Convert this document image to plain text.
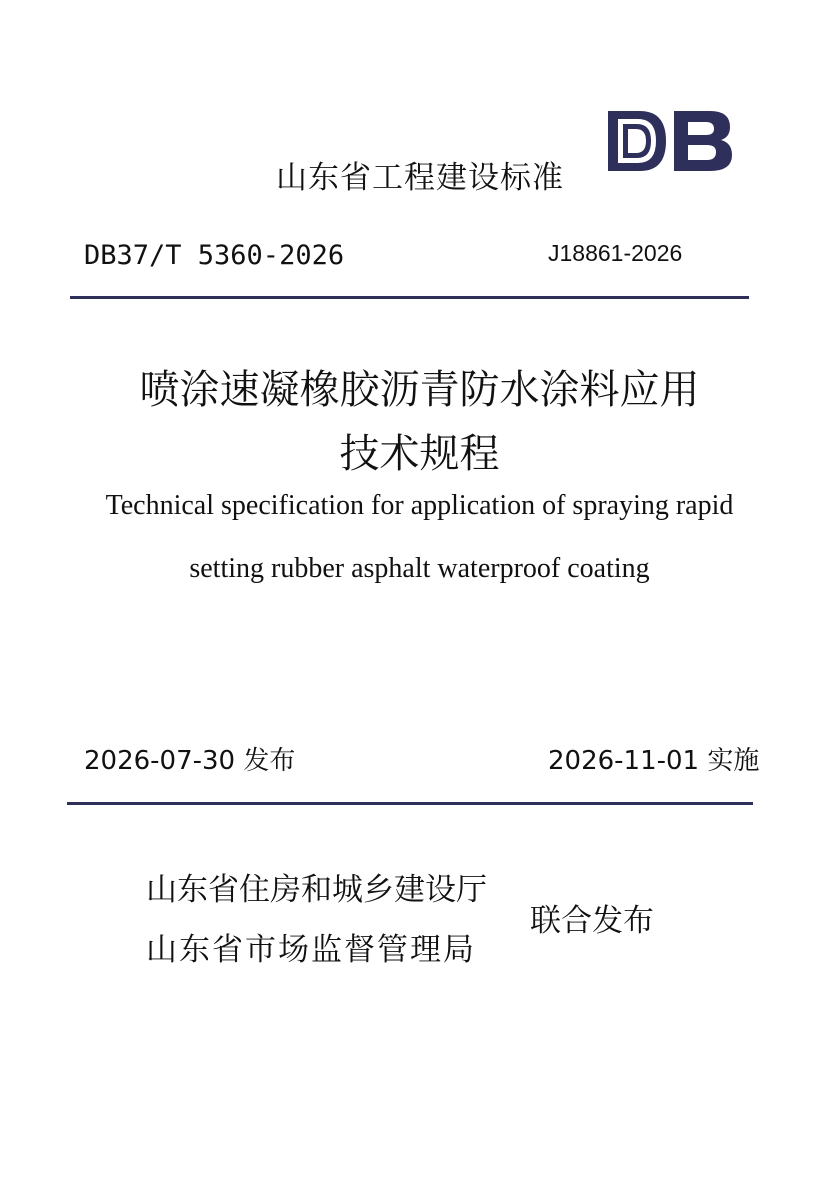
山东省工程建设标准
DB37/T 5360-2026	J18861-2026
喷涂速凝橡胶沥青防水涂料应用
技术规程
Technical specification for application of spraying rapid
setting rubber asphalt waterproof coating
2026-07-30 发布	2026-11-01 实施
山东省住房和城乡建设厅
山东省市场监督管理局
联合发布
